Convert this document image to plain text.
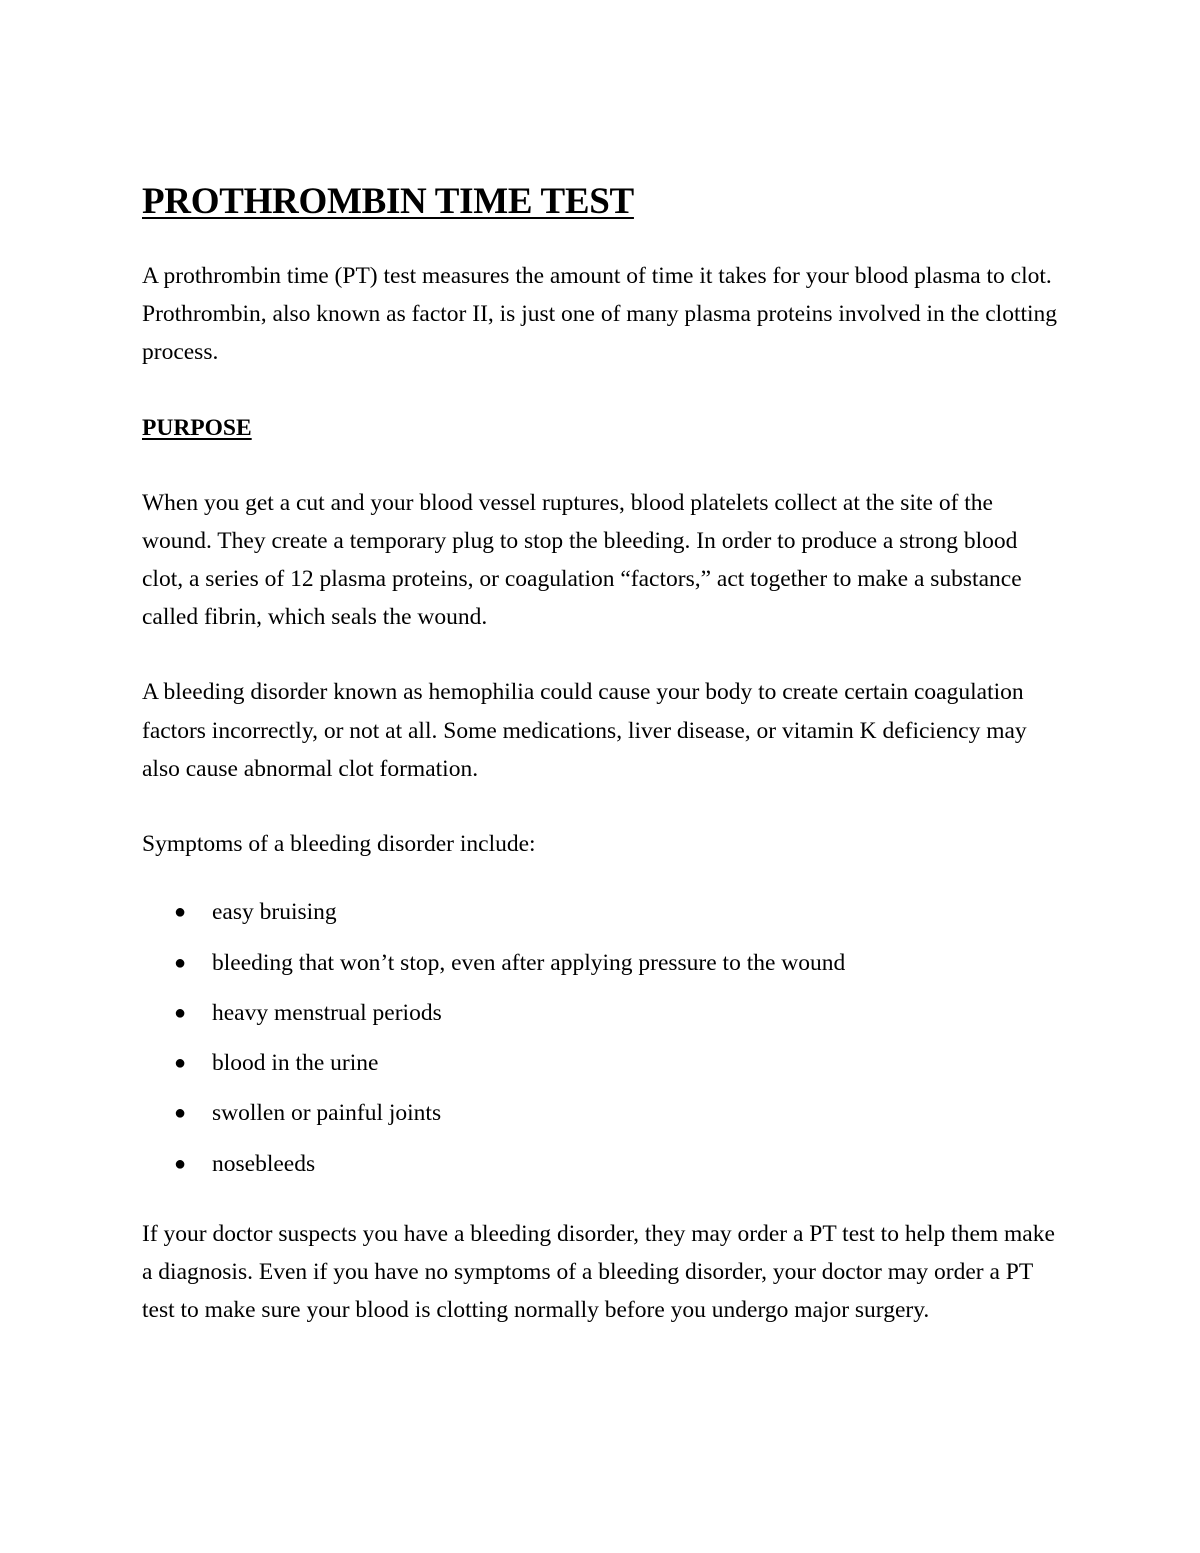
PROTHROMBIN TIME TEST

A prothrombin time (PT) test measures the amount of time it takes for your blood plasma to clot. Prothrombin, also known as factor II, is just one of many plasma proteins involved in the clotting process.

PURPOSE

When you get a cut and your blood vessel ruptures, blood platelets collect at the site of the wound. They create a temporary plug to stop the bleeding. In order to produce a strong blood clot, a series of 12 plasma proteins, or coagulation “factors,” act together to make a substance called fibrin, which seals the wound.

A bleeding disorder known as hemophilia could cause your body to create certain coagulation factors incorrectly, or not at all. Some medications, liver disease, or vitamin K deficiency may also cause abnormal clot formation.

Symptoms of a bleeding disorder include:

● easy bruising
● bleeding that won’t stop, even after applying pressure to the wound
● heavy menstrual periods
● blood in the urine
● swollen or painful joints
● nosebleeds

If your doctor suspects you have a bleeding disorder, they may order a PT test to help them make a diagnosis. Even if you have no symptoms of a bleeding disorder, your doctor may order a PT test to make sure your blood is clotting normally before you undergo major surgery.
